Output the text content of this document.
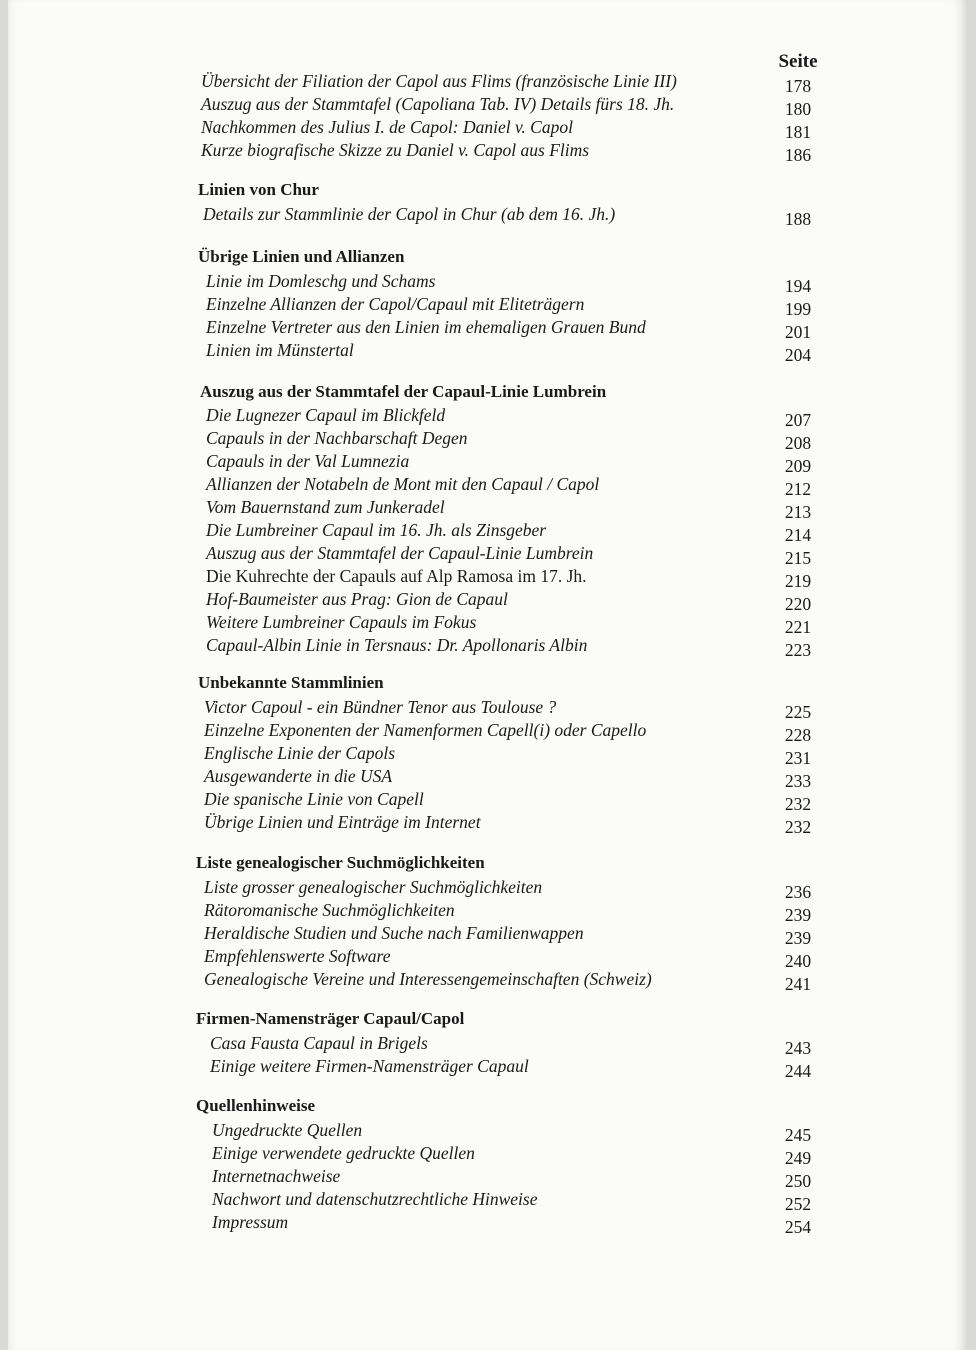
Seite
Übersicht der Filiation der Capol aus Flims (französische Linie III)	178
Auszug aus der Stammtafel (Capoliana Tab. IV) Details fürs 18. Jh.	180
Nachkommen des Julius I. de Capol: Daniel v. Capol	181
Kurze biografische Skizze zu Daniel v. Capol aus Flims	186
Linien von Chur
Details zur Stammlinie der Capol in Chur (ab dem 16. Jh.)	188
Übrige Linien und Allianzen
Linie im Domleschg und Schams	194
Einzelne Allianzen der Capol/Capaul mit Eliteträgern	199
Einzelne Vertreter aus den Linien im ehemaligen Grauen Bund	201
Linien im Münstertal	204
Auszug aus der Stammtafel der Capaul-Linie Lumbrein
Die Lugnezer Capaul im Blickfeld	207
Capauls in der Nachbarschaft Degen	208
Capauls in der Val Lumnezia	209
Allianzen der Notabeln de Mont mit den Capaul / Capol	212
Vom Bauernstand zum Junkeradel	213
Die Lumbreiner Capaul im 16. Jh. als Zinsgeber	214
Auszug aus der Stammtafel der Capaul-Linie Lumbrein	215
Die Kuhrechte der Capauls auf Alp Ramosa im 17. Jh.	219
Hof-Baumeister aus Prag: Gion de Capaul	220
Weitere Lumbreiner Capauls im Fokus	221
Capaul-Albin Linie in Tersnaus: Dr. Apollonaris Albin	223
Unbekannte Stammlinien
Victor Capoul - ein Bündner Tenor aus Toulouse ?	225
Einzelne Exponenten der Namenformen Capell(i) oder Capello	228
Englische Linie der Capols	231
Ausgewanderte in die USA	233
Die spanische Linie von Capell	232
Übrige Linien und Einträge im Internet	232
Liste genealogischer Suchmöglichkeiten
Liste grosser genealogischer Suchmöglichkeiten	236
Rätoromanische Suchmöglichkeiten	239
Heraldische Studien und Suche nach Familienwappen	239
Empfehlenswerte Software	240
Genealogische Vereine und Interessengemeinschaften (Schweiz)	241
Firmen-Namensträger Capaul/Capol
Casa Fausta Capaul in Brigels	243
Einige weitere Firmen-Namensträger Capaul	244
Quellenhinweise
Ungedruckte Quellen	245
Einige verwendete gedruckte Quellen	249
Internetnachweise	250
Nachwort und datenschutzrechtliche Hinweise	252
Impressum	254
